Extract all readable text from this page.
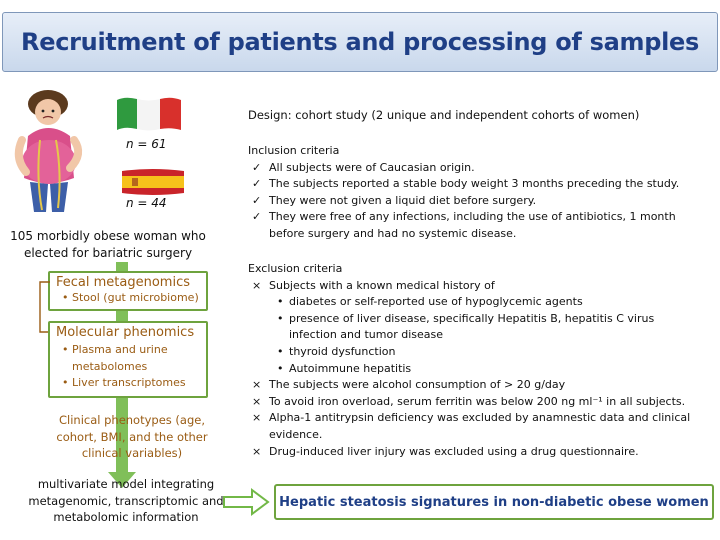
Recruitment of patients and processing of samples
n = 61
n = 44
105 morbidly obese woman who elected for bariatric surgery
Fecal metagenomics
• Stool (gut microbiome)
Molecular phenomics
• Plasma and urine metabolomes
• Liver transcriptomes
Clinical phenotypes (age, cohort, BMI, and the other clinical variables)
multivariate model integrating metagenomic, transcriptomic and metabolomic information
Design: cohort study (2 unique and independent cohorts of women)
Inclusion criteria
✓ All subjects were of Caucasian origin.
✓ The subjects reported a stable body weight 3 months preceding the study.
✓ They were not given a liquid diet before surgery.
✓ They were free of any infections, including the use of antibiotics, 1 month before surgery and had no systemic disease.
Exclusion criteria
× Subjects with a known medical history of
• diabetes or self-reported use of hypoglycemic agents
• presence of liver disease, specifically Hepatitis B, hepatitis C virus infection and tumor disease
• thyroid dysfunction
• Autoimmune hepatitis
× The subjects were alcohol consumption of > 20 g/day
× To avoid iron overload, serum ferritin was below 200 ng ml⁻¹ in all subjects.
× Alpha-1 antitrypsin deficiency was excluded by anamnestic data and clinical evidence.
× Drug-induced liver injury was excluded using a drug questionnaire.
Hepatic steatosis signatures in non-diabetic obese women
